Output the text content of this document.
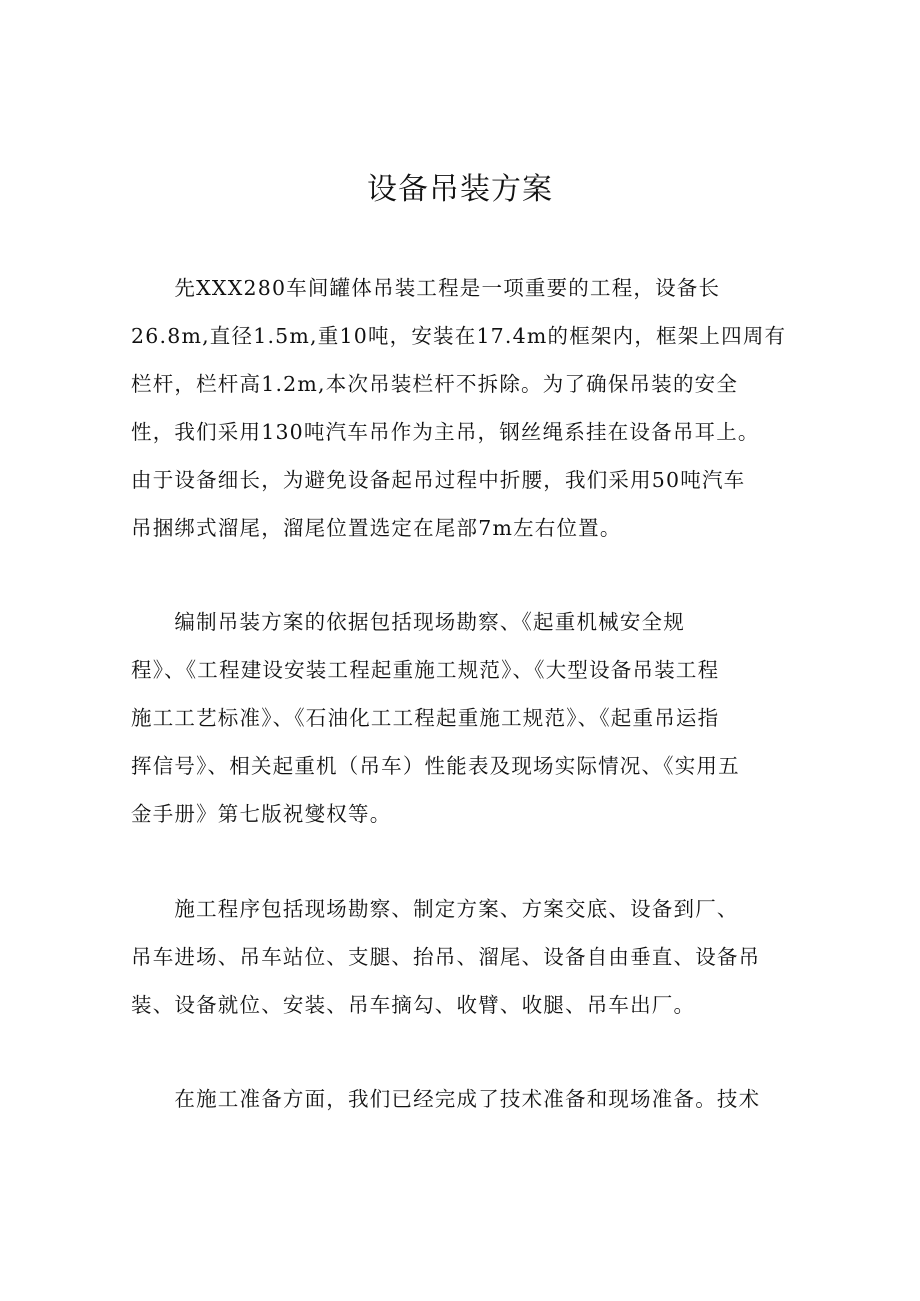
设备吊装方案
　　先XXX280车间罐体吊装工程是一项重要的工程，设备长
26.8m,直径1.5m,重10吨，安装在17.4m的框架内，框架上四周有
栏杆，栏杆高1.2m,本次吊装栏杆不拆除。为了确保吊装的安全
性，我们采用130吨汽车吊作为主吊，钢丝绳系挂在设备吊耳上。
由于设备细长，为避免设备起吊过程中折腰，我们采用50吨汽车
吊捆绑式溜尾，溜尾位置选定在尾部7m左右位置。
　　编制吊装方案的依据包括现场勘察、《起重机械安全规
程》、《工程建设安装工程起重施工规范》、《大型设备吊装工程
施工工艺标准》、《石油化工工程起重施工规范》、《起重吊运指
挥信号》、相关起重机（吊车）性能表及现场实际情况、《实用五
金手册》第七版祝燮权等。
　　施工程序包括现场勘察、制定方案、方案交底、设备到厂、
吊车进场、吊车站位、支腿、抬吊、溜尾、设备自由垂直、设备吊
装、设备就位、安装、吊车摘勾、收臂、收腿、吊车出厂。
　　在施工准备方面，我们已经完成了技术准备和现场准备。技术
